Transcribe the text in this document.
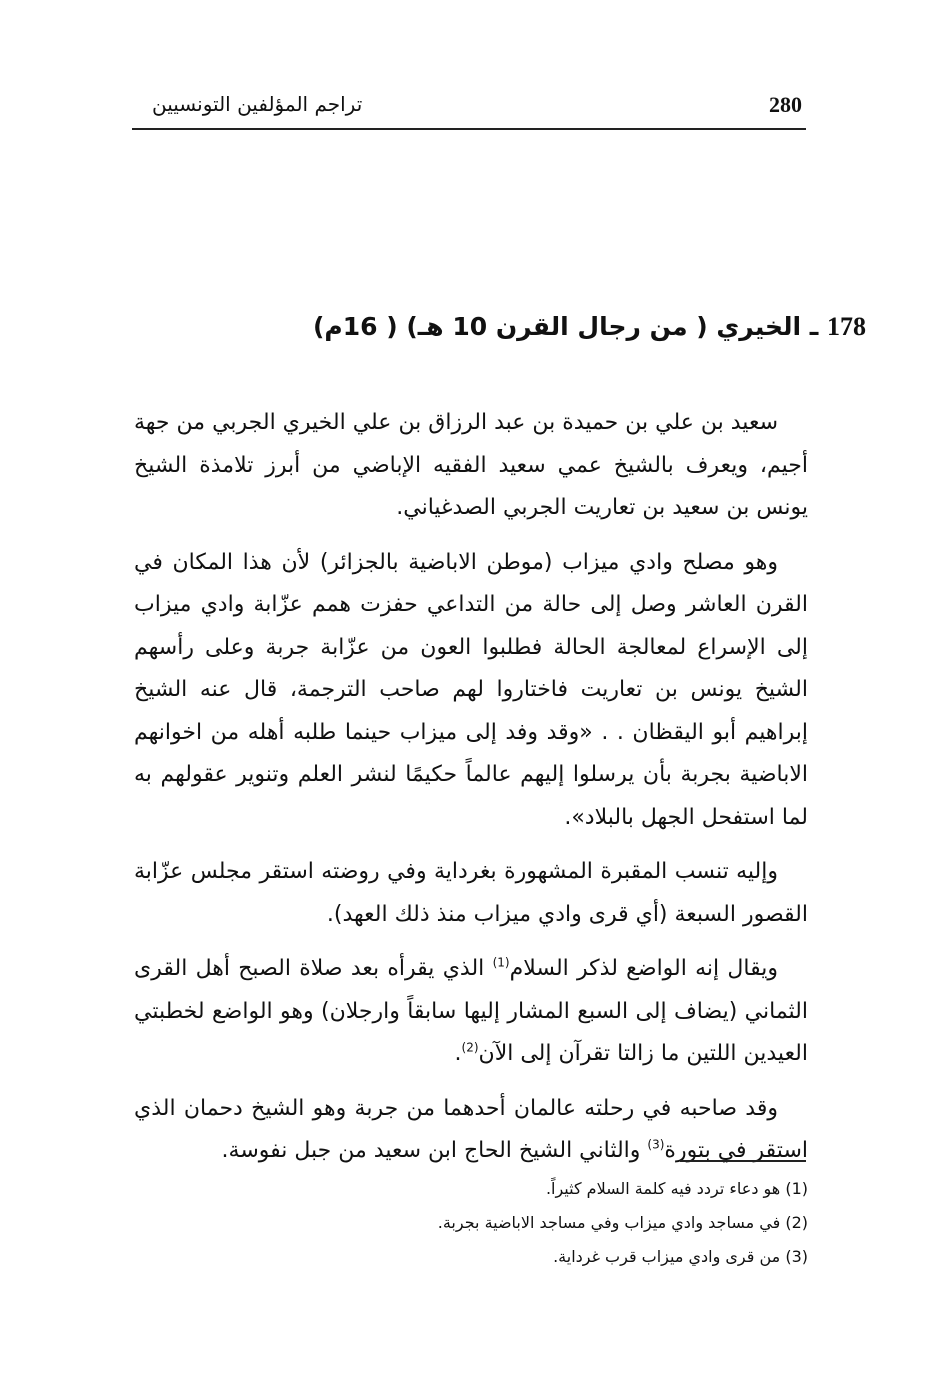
تراجم المؤلفين التونسيين	280
178 ـ الخيري ( من رجال القرن 10 هـ) ( 16م)

سعيد بن علي بن حميدة بن عبد الرزاق بن علي الخيري الجربي من جهة أجيم، ويعرف بالشيخ عمي سعيد الفقيه الإباضي من أبرز تلامذة الشيخ يونس بن سعيد بن تعاريت الجربي الصدغياني.

وهو مصلح وادي ميزاب (موطن الاباضية بالجزائر) لأن هذا المكان في القرن العاشر وصل إلى حالة من التداعي حفزت همم عزّابة وادي ميزاب إلى الإسراع لمعالجة الحالة فطلبوا العون من عزّابة جربة وعلى رأسهم الشيخ يونس بن تعاريت فاختاروا لهم صاحب الترجمة، قال عنه الشيخ إبراهيم أبو اليقظان . . «وقد وفد إلى ميزاب حينما طلبه أهله من اخوانهم الاباضية بجربة بأن يرسلوا إليهم عالماً حكيمًا لنشر العلم وتنوير عقولهم به لما استفحل الجهل بالبلاد».

وإليه تنسب المقبرة المشهورة بغرداية وفي روضته استقر مجلس عزّابة القصور السبعة (أي قرى وادي ميزاب منذ ذلك العهد).

ويقال إنه الواضع لذكر السلام$^{(1)}$ الذي يقرأه بعد صلاة الصبح أهل القرى الثماني (يضاف إلى السبع المشار إليها سابقاً وارجلان) وهو الواضع لخطبتي العيدين اللتين ما زالتا تقرآن إلى الآن$^{(2)}$.

وقد صاحبه في رحلته عالمان أحدهما من جربة وهو الشيخ دحمان الذي استقر في بتورة$^{(3)}$ والثاني الشيخ الحاج ابن سعيد من جبل نفوسة.

(1) هو دعاء تردد فيه كلمة السلام كثيراً.
(2) في مساجد وادي ميزاب وفي مساجد الاباضية بجربة.
(3) من قرى وادي ميزاب قرب غرداية.
